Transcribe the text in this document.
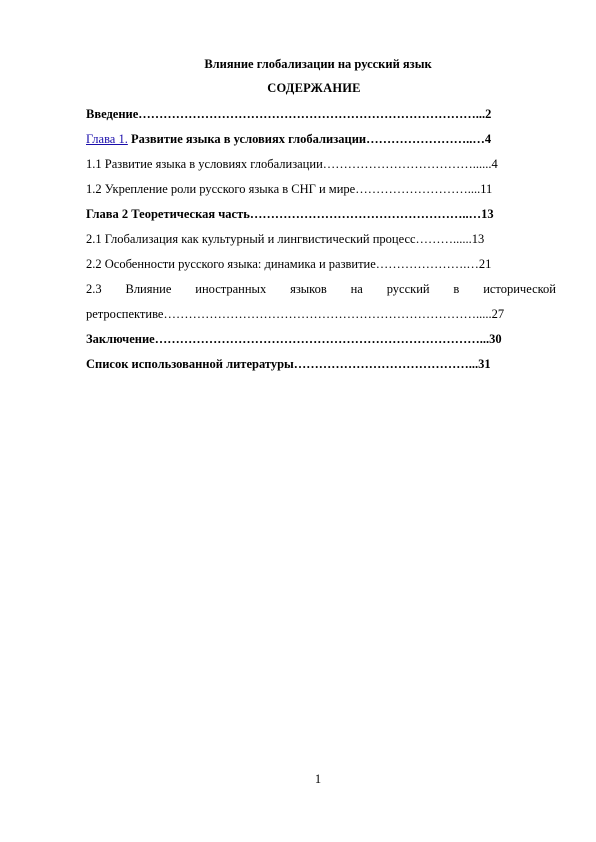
Влияние глобализации на русский язык
СОДЕРЖАНИЕ
Введение………………………………………………………………………...2
Глава 1. Развитие языка в условиях глобализации……………………..…4
1.1 Развитие языка в условиях глобализации………………………………......4
1.2 Укрепление роли русского языка в СНГ и мире………………………....11
Глава 2 Теоретическая часть……………………………………………..…13
2.1 Глобализация как культурный и лингвистический процесс………......13
2.2 Особенности русского языка: динамика и развитие………………….…21
2.3 Влияние иностранных языков на русский в исторической
ретроспективе………………………………………………………………….....27
Заключение……………………………………………………………………...30
Список использованной литературы……………………………………...31
1
